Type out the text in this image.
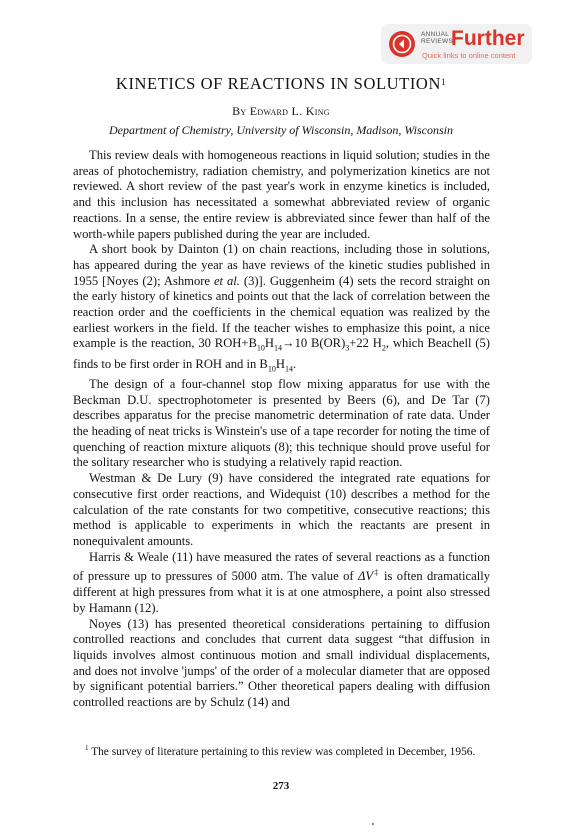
ANNUAL
REVIEWS
Further
Quick links to online content
KINETICS OF REACTIONS IN SOLUTION$^1$
By Edward L. King
Department of Chemistry, University of Wisconsin, Madison, Wisconsin

This review deals with homogeneous reactions in liquid solution; studies in the areas of photochemistry, radiation chemistry, and polymerization kinetics are not reviewed. A short review of the past year's work in enzyme kinetics is included, and this inclusion has necessitated a somewhat abbreviated review of organic reactions. In a sense, the entire review is abbreviated since fewer than half of the worth-while papers published during the year are included.

A short book by Dainton (1) on chain reactions, including those in solutions, has appeared during the year as have reviews of the kinetic studies published in 1955 [Noyes (2); Ashmore et al. (3)]. Guggenheim (4) sets the record straight on the early history of kinetics and points out that the lack of correlation between the reaction order and the coefficients in the chemical equation was realized by the earliest workers in the field. If the teacher wishes to emphasize this point, a nice example is the reaction, 30 $ROH+B_{10}H_{14}\to 10$ $B(OR)_3+22$ $H_2$, which Beachell (5) finds to be first order in ROH and in $B_{10}H_{14}$.

The design of a four-channel stop flow mixing apparatus for use with the Beckman D.U. spectrophotometer is presented by Beers (6), and De Tar (7) describes apparatus for the precise manometric determination of rate data. Under the heading of neat tricks is Winstein's use of a tape recorder for noting the time of quenching of reaction mixture aliquots (8); this technique should prove useful for the solitary researcher who is studying a relatively rapid reaction.

Westman & De Lury (9) have considered the integrated rate equations for consecutive first order reactions, and Widequist (10) describes a method for the calculation of the rate constants for two competitive, consecutive reactions; this method is applicable to experiments in which the reactants are present in nonequivalent amounts.

Harris & Weale (11) have measured the rates of several reactions as a function of pressure up to pressures of 5000 atm. The value of ΔV‡ is often dramatically different at high pressures from what it is at one atmosphere, a point also stressed by Hamann (12).

Noyes (13) has presented theoretical considerations pertaining to diffusion controlled reactions and concludes that current data suggest “that diffusion in liquids involves almost continuous motion and small individual displacements, and does not involve 'jumps' of the order of a molecular diameter that are opposed by significant potential barriers.” Other theoretical papers dealing with diffusion controlled reactions are by Schulz (14) and

$^1$ The survey of literature pertaining to this review was completed in December, 1956.
273
